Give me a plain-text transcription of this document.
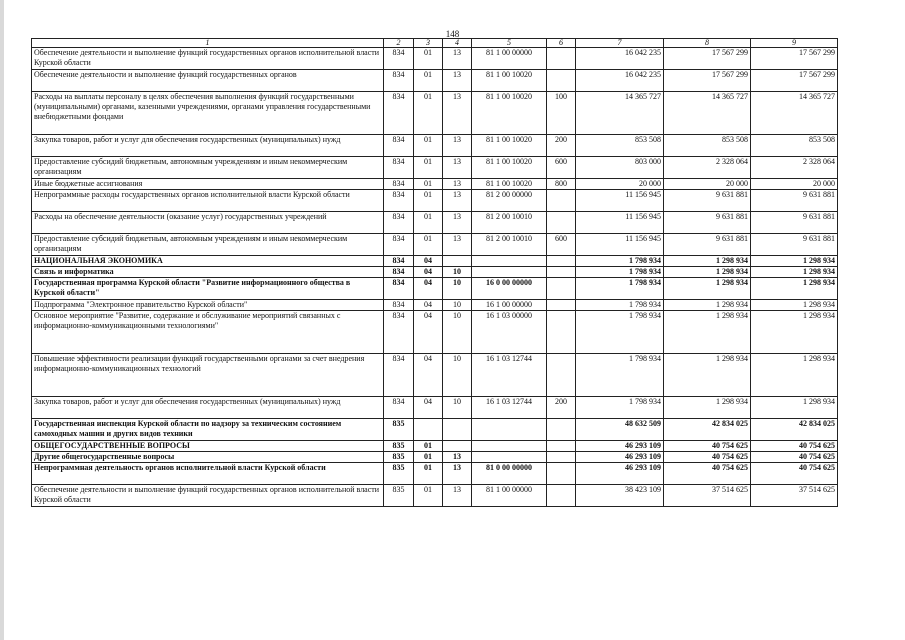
148
1	2	3	4	5	6	7	8	9
Обеспечение деятельности и выполнение функций государственных органов исполнительной власти Курской области	834	01	13	81 1 00 00000		16 042 235	17 567 299	17 567 299
Обеспечение деятельности и выполнение функций государственных органов	834	01	13	81 1 00 10020		16 042 235	17 567 299	17 567 299
Расходы на выплаты персоналу в целях обеспечения выполнения функций государственными (муниципальными) органами, казенными учреждениями, органами управления государственными внебюджетными фондами	834	01	13	81 1 00 10020	100	14 365 727	14 365 727	14 365 727
Закупка товаров, работ и услуг для обеспечения государственных (муниципальных) нужд	834	01	13	81 1 00 10020	200	853 508	853 508	853 508
Предоставление субсидий бюджетным, автономным учреждениям и иным некоммерческим организациям	834	01	13	81 1 00 10020	600	803 000	2 328 064	2 328 064
Иные бюджетные ассигнования	834	01	13	81 1 00 10020	800	20 000	20 000	20 000
Непрограммные расходы государственных органов исполнительной власти Курской области	834	01	13	81 2 00 00000		11 156 945	9 631 881	9 631 881
Расходы на обеспечение деятельности (оказание услуг) государственных учреждений	834	01	13	81 2 00 10010		11 156 945	9 631 881	9 631 881
Предоставление субсидий бюджетным, автономным учреждениям и иным некоммерческим организациям	834	01	13	81 2 00 10010	600	11 156 945	9 631 881	9 631 881
НАЦИОНАЛЬНАЯ ЭКОНОМИКА	834	04				1 798 934	1 298 934	1 298 934
Связь и информатика	834	04	10			1 798 934	1 298 934	1 298 934
Государственная программа Курской области "Развитие информационного общества в Курской области"	834	04	10	16 0 00 00000		1 798 934	1 298 934	1 298 934
Подпрограмма "Электронное правительство Курской области"	834	04	10	16 1 00 00000		1 798 934	1 298 934	1 298 934
Основное мероприятие "Развитие, содержание и обслуживание мероприятий связанных с информационно-коммуникационными технологиями"	834	04	10	16 1 03 00000		1 798 934	1 298 934	1 298 934
Повышение эффективности реализации функций государственными органами за счет внедрения информационно-коммуникационных технологий	834	04	10	16 1 03 12744		1 798 934	1 298 934	1 298 934
Закупка товаров, работ и услуг для обеспечения государственных (муниципальных) нужд	834	04	10	16 1 03 12744	200	1 798 934	1 298 934	1 298 934
Государственная инспекция Курской области по надзору за техническим состоянием самоходных машин и других видов техники	835					48 632 509	42 834 025	42 834 025
ОБЩЕГОСУДАРСТВЕННЫЕ ВОПРОСЫ	835	01				46 293 109	40 754 625	40 754 625
Другие общегосударственные вопросы	835	01	13			46 293 109	40 754 625	40 754 625
Непрограммная деятельность органов исполнительной власти Курской области	835	01	13	81 0 00 00000		46 293 109	40 754 625	40 754 625
Обеспечение деятельности и выполнение функций государственных органов исполнительной власти Курской области	835	01	13	81 1 00 00000		38 423 109	37 514 625	37 514 625
